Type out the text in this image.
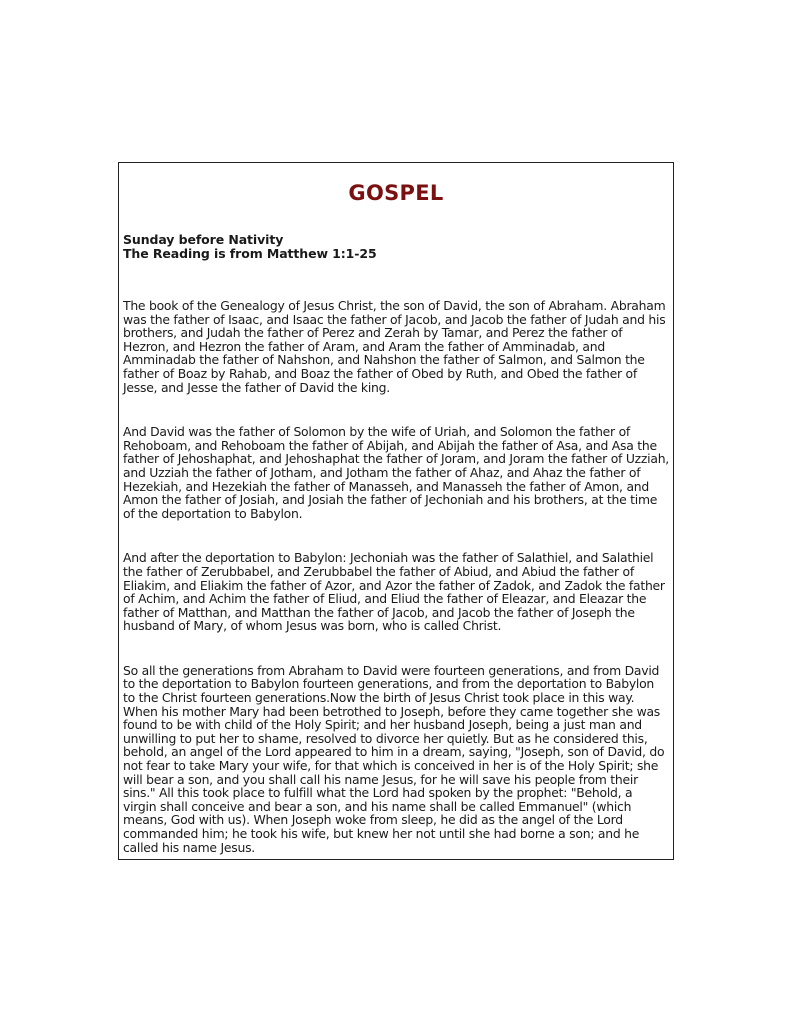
GOSPEL
Sunday before Nativity
The Reading is from Matthew 1:1-25
The book of the Genealogy of Jesus Christ, the son of David, the son of Abraham. Abraham was the father of Isaac, and Isaac the father of Jacob, and Jacob the father of Judah and his brothers, and Judah the father of Perez and Zerah by Tamar, and Perez the father of Hezron, and Hezron the father of Aram, and Aram the father of Amminadab, and Amminadab the father of Nahshon, and Nahshon the father of Salmon, and Salmon the father of Boaz by Rahab, and Boaz the father of Obed by Ruth, and Obed the father of Jesse, and Jesse the father of David the king.
And David was the father of Solomon by the wife of Uriah, and Solomon the father of Rehoboam, and Rehoboam the father of Abijah, and Abijah the father of Asa, and Asa the father of Jehoshaphat, and Jehoshaphat the father of Joram, and Joram the father of Uzziah, and Uzziah the father of Jotham, and Jotham the father of Ahaz, and Ahaz the father of Hezekiah, and Hezekiah the father of Manasseh, and Manasseh the father of Amon, and Amon the father of Josiah, and Josiah the father of Jechoniah and his brothers, at the time of the deportation to Babylon.
And after the deportation to Babylon: Jechoniah was the father of Salathiel, and Salathiel the father of Zerubbabel, and Zerubbabel the father of Abiud, and Abiud the father of Eliakim, and Eliakim the father of Azor, and Azor the father of Zadok, and Zadok the father of Achim, and Achim the father of Eliud, and Eliud the father of Eleazar, and Eleazar the father of Matthan, and Matthan the father of Jacob, and Jacob the father of Joseph the husband of Mary, of whom Jesus was born, who is called Christ.
So all the generations from Abraham to David were fourteen generations, and from David to the deportation to Babylon fourteen generations, and from the deportation to Babylon to the Christ fourteen generations.Now the birth of Jesus Christ took place in this way. When his mother Mary had been betrothed to Joseph, before they came together she was found to be with child of the Holy Spirit; and her husband Joseph, being a just man and unwilling to put her to shame, resolved to divorce her quietly. But as he considered this, behold, an angel of the Lord appeared to him in a dream, saying, "Joseph, son of David, do not fear to take Mary your wife, for that which is conceived in her is of the Holy Spirit; she will bear a son, and you shall call his name Jesus, for he will save his people from their sins." All this took place to fulfill what the Lord had spoken by the prophet: "Behold, a virgin shall conceive and bear a son, and his name shall be called Emmanuel" (which means, God with us). When Joseph woke from sleep, he did as the angel of the Lord commanded him; he took his wife, but knew her not until she had borne a son; and he called his name Jesus.
